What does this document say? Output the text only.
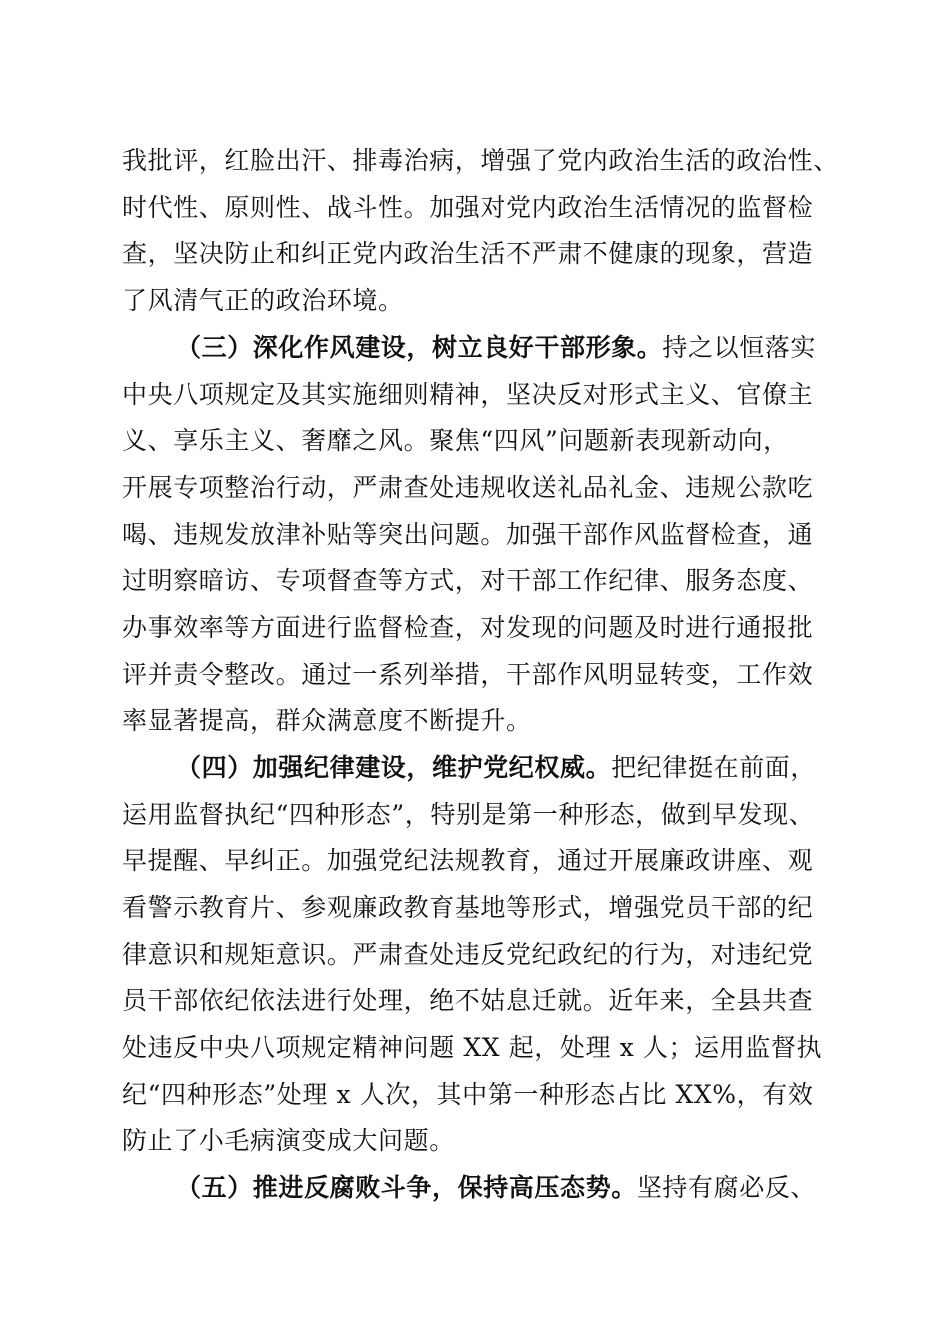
我批评，红脸出汗、排毒治病，增强了党内政治生活的政治性、
时代性、原则性、战斗性。加强对党内政治生活情况的监督检
查，坚决防止和纠正党内政治生活不严肃不健康的现象，营造
了风清气正的政治环境。
（三）深化作风建设，树立良好干部形象。持之以恒落实
中央八项规定及其实施细则精神，坚决反对形式主义、官僚主
义、享乐主义、奢靡之风。聚焦“四风”问题新表现新动向，
开展专项整治行动，严肃查处违规收送礼品礼金、违规公款吃
喝、违规发放津补贴等突出问题。加强干部作风监督检查，通
过明察暗访、专项督查等方式，对干部工作纪律、服务态度、
办事效率等方面进行监督检查，对发现的问题及时进行通报批
评并责令整改。通过一系列举措，干部作风明显转变，工作效
率显著提高，群众满意度不断提升。
（四）加强纪律建设，维护党纪权威。把纪律挺在前面，
运用监督执纪“四种形态”，特别是第一种形态，做到早发现、
早提醒、早纠正。加强党纪法规教育，通过开展廉政讲座、观
看警示教育片、参观廉政教育基地等形式，增强党员干部的纪
律意识和规矩意识。严肃查处违反党纪政纪的行为，对违纪党
员干部依纪依法进行处理，绝不姑息迁就。近年来，全县共查
处违反中央八项规定精神问题 XX 起，处理 x 人；运用监督执
纪“四种形态”处理 x 人次，其中第一种形态占比 XX%，有效
防止了小毛病演变成大问题。
（五）推进反腐败斗争，保持高压态势。坚持有腐必反、
